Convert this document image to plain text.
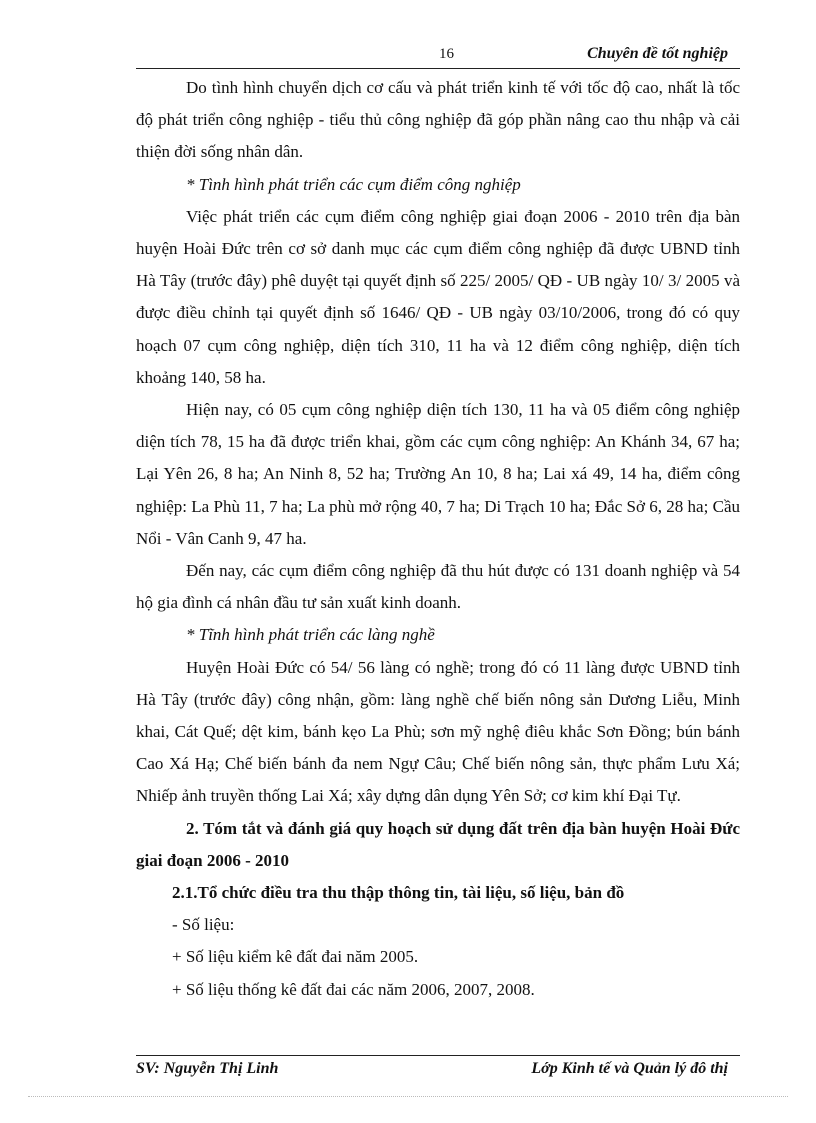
16	Chuyên đề tốt nghiệp

Do tình hình chuyển dịch cơ cấu và phát triển kinh tế với tốc độ cao, nhất là tốc độ phát triển công nghiệp - tiểu thủ công nghiệp đã góp phần nâng cao thu nhập và cải thiện đời sống nhân dân.

* Tình hình phát triển các cụm điểm công nghiệp

Việc phát triển các cụm điểm công nghiệp giai đoạn 2006 - 2010 trên địa bàn huyện Hoài Đức trên cơ sở danh mục các cụm điểm công nghiệp đã được UBND tỉnh Hà Tây (trước đây) phê duyệt tại quyết định số 225/ 2005/ QĐ - UB ngày 10/ 3/ 2005 và được điều chỉnh tại quyết định số 1646/ QĐ - UB ngày 03/10/2006, trong đó có quy hoạch 07 cụm công nghiệp, diện tích 310, 11 ha và 12 điểm công nghiệp, diện tích khoảng 140, 58 ha.

Hiện nay, có 05 cụm công nghiệp diện tích 130, 11 ha và 05 điểm công nghiệp diện tích 78, 15 ha đã được triển khai, gồm các cụm công nghiệp: An Khánh 34, 67 ha; Lại Yên 26, 8 ha; An Ninh 8, 52 ha; Trường An 10, 8 ha; Lai xá 49, 14 ha, điểm công nghiệp: La Phù 11, 7 ha; La phù mở rộng 40, 7 ha; Di Trạch 10 ha; Đắc Sở 6, 28 ha; Cầu Nổi - Vân Canh 9, 47 ha.

Đến nay, các cụm điểm công nghiệp đã thu hút được có 131 doanh nghiệp và 54 hộ gia đình cá nhân đầu tư sản xuất kinh doanh.

* Tĩnh hình phát triển các làng nghề

Huyện Hoài Đức có 54/ 56 làng có nghề; trong đó có 11 làng được UBND tỉnh Hà Tây (trước đây) công nhận, gồm: làng nghề chế biến nông sản Dương Liễu, Minh khai, Cát Quế; dệt kim, bánh kẹo La Phù; sơn mỹ nghệ điêu khắc Sơn Đồng; bún bánh Cao Xá Hạ; Chế biến bánh đa nem Ngự Câu; Chế biến nông sản, thực phẩm Lưu Xá; Nhiếp ảnh truyền thống Lai Xá; xây dựng dân dụng Yên Sở; cơ kim khí Đại Tự.

2. Tóm tắt và đánh giá quy hoạch sử dụng đất trên địa bàn huyện Hoài Đức giai đoạn 2006 - 2010

2.1.Tổ chức điều tra thu thập thông tin, tài liệu, số liệu, bản đồ

- Số liệu:

+ Số liệu kiểm kê đất đai năm 2005.

+ Số liệu thống kê đất đai các năm 2006, 2007, 2008.

SV: Nguyễn Thị Linh	Lớp Kinh tế và Quản lý đô thị
